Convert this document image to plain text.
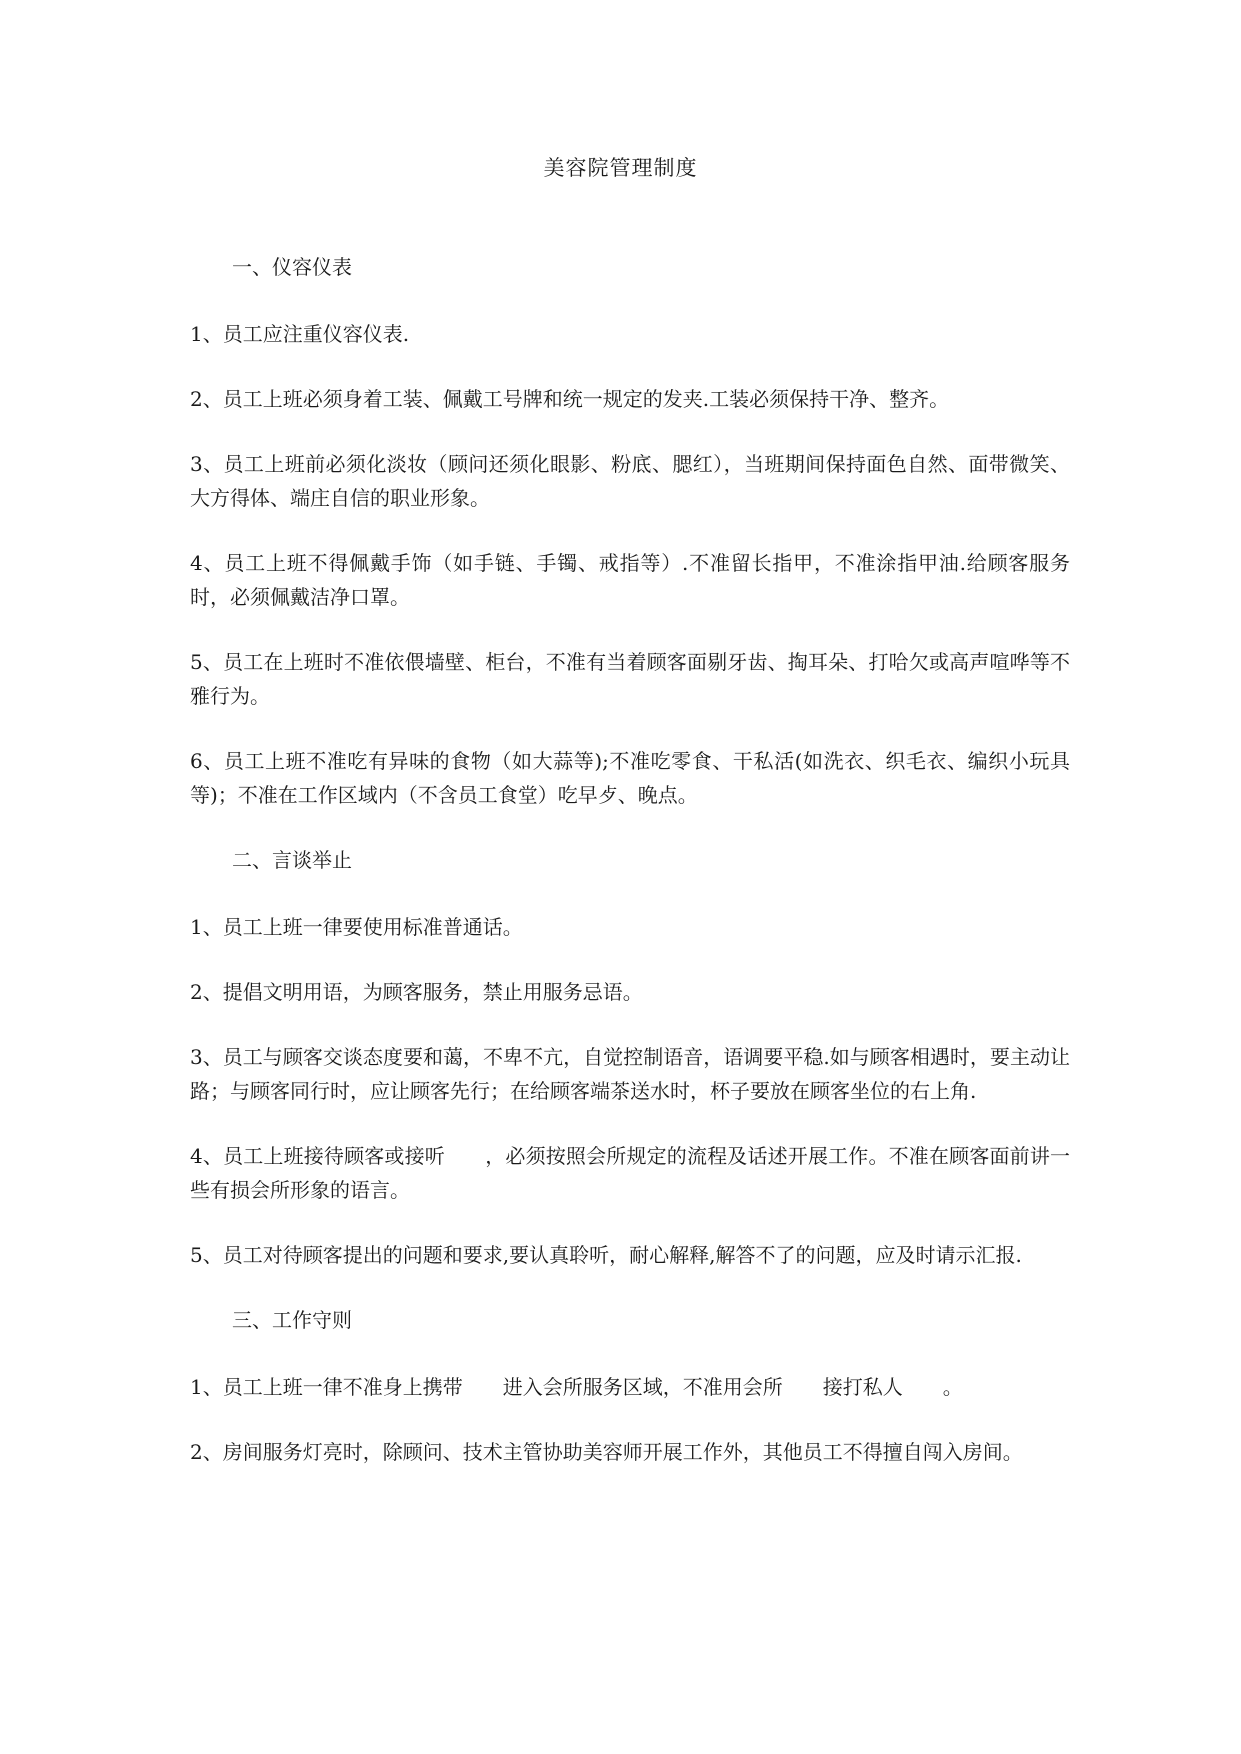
美容院管理制度
一、仪容仪表

1、员工应注重仪容仪表.

2、员工上班必须身着工装、佩戴工号牌和统一规定的发夹.工装必须保持干净、整齐。

3、员工上班前必须化淡妆（顾问还须化眼影、粉底、腮红），当班期间保持面色自然、面带微笑、大方得体、端庄自信的职业形象。

4、员工上班不得佩戴手饰（如手链、手镯、戒指等）.不准留长指甲，不准涂指甲油.给顾客服务时，必须佩戴洁净口罩。

5、员工在上班时不准依偎墙壁、柜台，不准有当着顾客面剔牙齿、掏耳朵、打哈欠或高声喧哗等不雅行为。

6、员工上班不准吃有异味的食物（如大蒜等);不准吃零食、干私活(如洗衣、织毛衣、编织小玩具等)；不准在工作区域内（不含员工食堂）吃早歺、晚点。

二、言谈举止

1、员工上班一律要使用标准普通话。

2、提倡文明用语，为顾客服务，禁止用服务忌语。

3、员工与顾客交谈态度要和蔼，不卑不亢，自觉控制语音，语调要平稳.如与顾客相遇时，要主动让路；与顾客同行时，应让顾客先行；在给顾客端茶送水时，杯子要放在顾客坐位的右上角.

4、员工上班接待顾客或接听　　，必须按照会所规定的流程及话述开展工作。不准在顾客面前讲一些有损会所形象的语言。

5、员工对待顾客提出的问题和要求,要认真聆听，耐心解释,解答不了的问题，应及时请示汇报.

三、工作守则

1、员工上班一律不准身上携带　　进入会所服务区域，不准用会所　　接打私人　　。

2、房间服务灯亮时，除顾问、技术主管协助美容师开展工作外，其他员工不得擅自闯入房间。
